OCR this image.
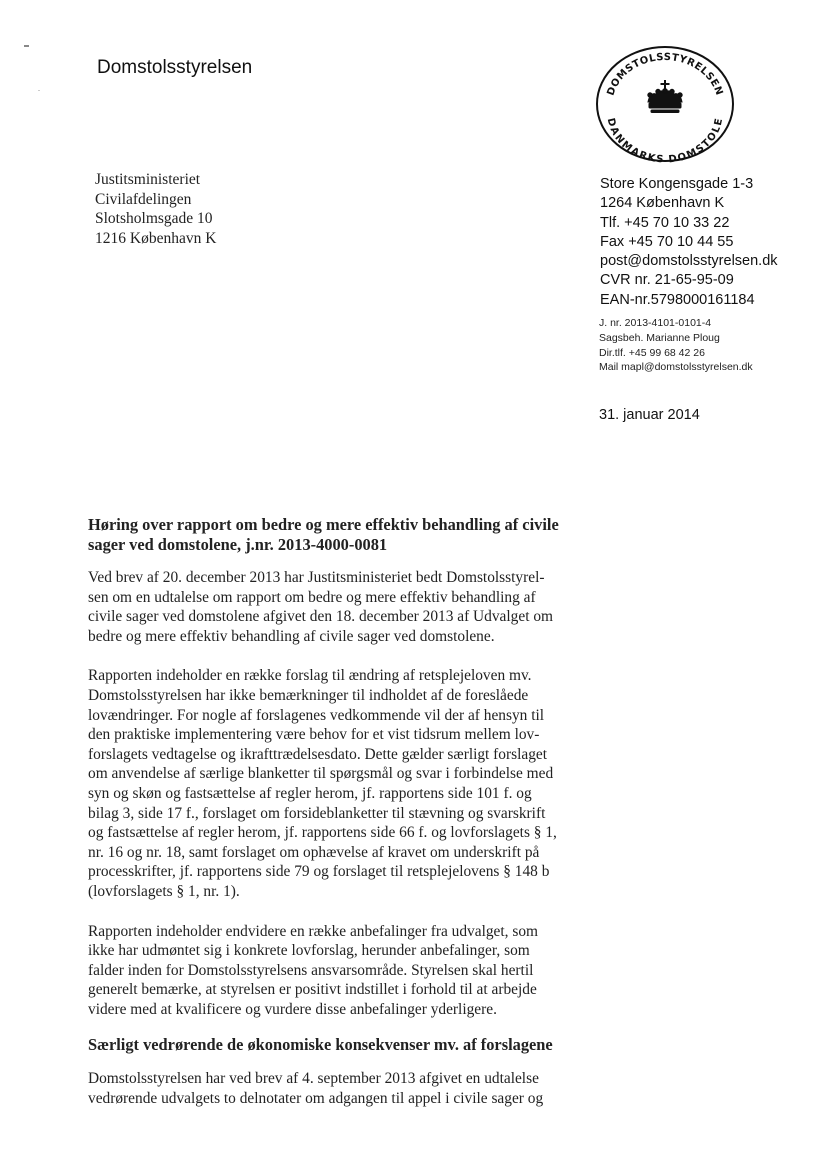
Domstolsstyrelsen
DOMSTOLSSTYRELSEN
DANMARKS DOMSTOLE
Justitsministeriet
Civilafdelingen
Slotsholmsgade 10
1216 København K
Store Kongensgade 1-3
1264 København K
Tlf. +45 70 10 33 22
Fax +45 70 10 44 55
post@domstolsstyrelsen.dk
CVR nr. 21-65-95-09
EAN-nr.5798000161184
J. nr. 2013-4101-0101-4
Sagsbeh. Marianne Ploug
Dir.tlf. +45 99 68 42 26
Mail mapl@domstolsstyrelsen.dk
31. januar 2014

Høring over rapport om bedre og mere effektiv behandling af civile
sager ved domstolene, j.nr. 2013-4000-0081

Ved brev af 20. december 2013 har Justitsministeriet bedt Domstolsstyrel-
sen om en udtalelse om rapport om bedre og mere effektiv behandling af
civile sager ved domstolene afgivet den 18. december 2013 af Udvalget om
bedre og mere effektiv behandling af civile sager ved domstolene.

Rapporten indeholder en række forslag til ændring af retsplejeloven mv.
Domstolsstyrelsen har ikke bemærkninger til indholdet af de foreslåede
lovændringer. For nogle af forslagenes vedkommende vil der af hensyn til
den praktiske implementering være behov for et vist tidsrum mellem lov-
forslagets vedtagelse og ikrafttrædelsesdato. Dette gælder særligt forslaget
om anvendelse af særlige blanketter til spørgsmål og svar i forbindelse med
syn og skøn og fastsættelse af regler herom, jf. rapportens side 101 f. og
bilag 3, side 17 f., forslaget om forsideblanketter til stævning og svarskrift
og fastsættelse af regler herom, jf. rapportens side 66 f. og lovforslagets § 1,
nr. 16 og nr. 18, samt forslaget om ophævelse af kravet om underskrift på
processkrifter, jf. rapportens side 79 og forslaget til retsplejelovens § 148 b
(lovforslagets § 1, nr. 1).

Rapporten indeholder endvidere en række anbefalinger fra udvalget, som
ikke har udmøntet sig i konkrete lovforslag, herunder anbefalinger, som
falder inden for Domstolsstyrelsens ansvarsområde. Styrelsen skal hertil
generelt bemærke, at styrelsen er positivt indstillet i forhold til at arbejde
videre med at kvalificere og vurdere disse anbefalinger yderligere.

Særligt vedrørende de økonomiske konsekvenser mv. af forslagene

Domstolsstyrelsen har ved brev af 4. september 2013 afgivet en udtalelse
vedrørende udvalgets to delnotater om adgangen til appel i civile sager og
